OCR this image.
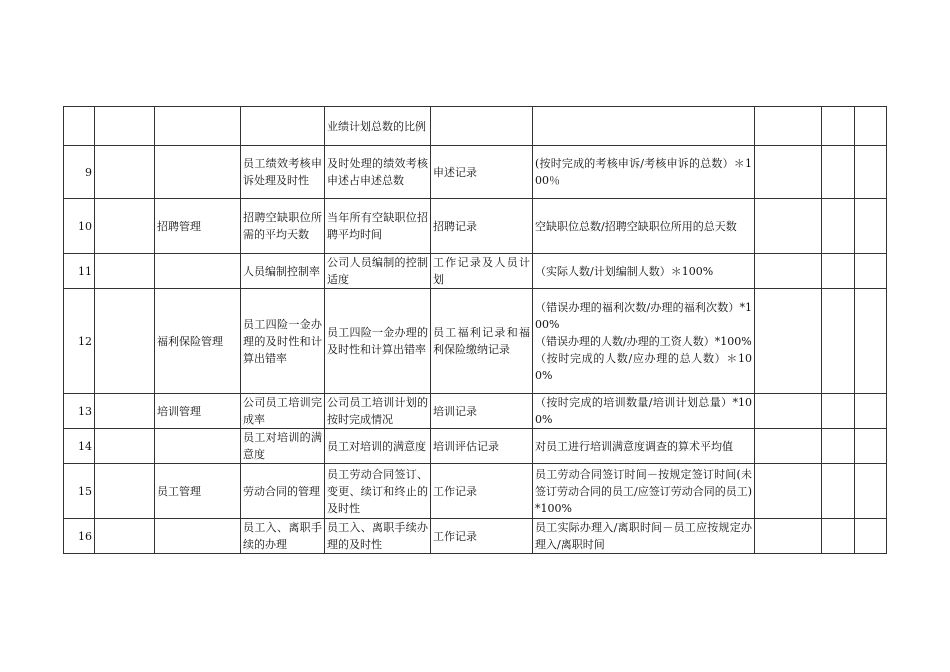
				业绩计划总数的比例					
9			员工绩效考核申诉处理及时性	及时处理的绩效考核申述占申述总数	申述记录	(按时完成的考核申诉/考核申诉的总数）＊100％			
10		招聘管理	招聘空缺职位所需的平均天数	当年所有空缺职位招聘平均时间	招聘记录	空缺职位总数/招聘空缺职位所用的总天数			
11			人员编制控制率	公司人员编制的控制适度	工作记录及人员计划	（实际人数/计划编制人数）＊100%			
12		福利保险管理	员工四险一金办理的及时性和计算出错率	员工四险一金办理的及时性和计算出错率	员工福利记录和福利保险缴纳记录	（错误办理的福利次数/办理的福利次数）*100%
（错误办理的人数/办理的工资人数）*100%
（按时完成的人数/应办理的总人数）＊100%			
13		培训管理	公司员工培训完成率	公司员工培训计划的按时完成情况	培训记录	（按时完成的培训数量/培训计划总量）*100%			
14			员工对培训的满意度	员工对培训的满意度	培训评估记录	对员工进行培训满意度调查的算术平均值			
15		员工管理	劳动合同的管理	员工劳动合同签订、变更、续订和终止的及时性	工作记录	员工劳动合同签订时间－按规定签订时间(未签订劳动合同的员工/应签订劳动合同的员工)*100%			
16			员工入、离职手续的办理	员工入、离职手续办理的及时性	工作记录	员工实际办理入/离职时间－员工应按规定办理入/离职时间			
